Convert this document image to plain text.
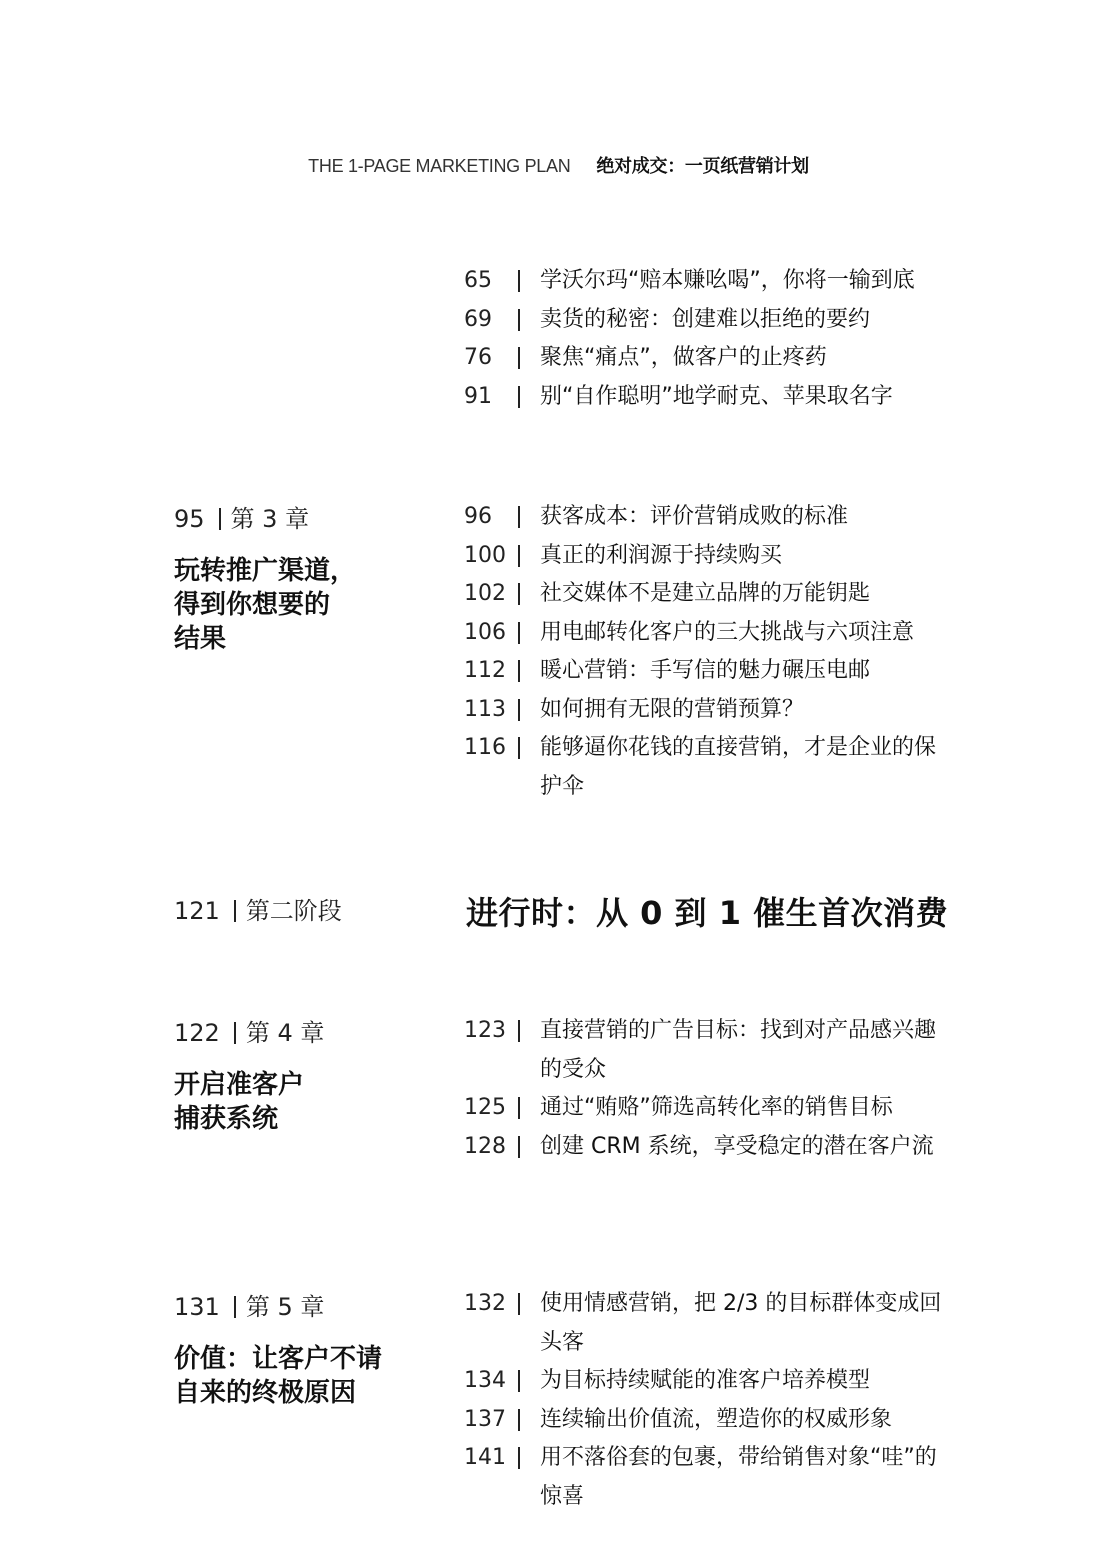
THE 1-PAGE MARKETING PLAN 绝对成交：一页纸营销计划
65	学沃尔玛“赔本赚吆喝”，你将一输到底
69	卖货的秘密：创建难以拒绝的要约
76	聚焦“痛点”，做客户的止疼药
91	别“自作聪明”地学耐克、苹果取名字
95 第 3 章
玩转推广渠道，
得到你想要的
结果
96	获客成本：评价营销成败的标准
100 真正的利润源于持续购买
102 社交媒体不是建立品牌的万能钥匙
106 用电邮转化客户的三大挑战与六项注意
112 暖心营销：手写信的魅力碾压电邮
113 如何拥有无限的营销预算？
116 能够逼你花钱的直接营销，才是企业的保护伞
121 第二阶段	进行时：从 0 到 1 催生首次消费
122 第 4 章
开启准客户
捕获系统
123	直接营销的广告目标：找到对产品感兴趣的受众
125	通过“贿赂”筛选高转化率的销售目标
128	创建 CRM 系统，享受稳定的潜在客户流
131 第 5 章
价值：让客户不请
自来的终极原因
132	使用情感营销，把 2/3 的目标群体变成回头客
134	为目标持续赋能的准客户培养模型
137	连续输出价值流，塑造你的权威形象
141	用不落俗套的包裹，带给销售对象“哇”的惊喜
